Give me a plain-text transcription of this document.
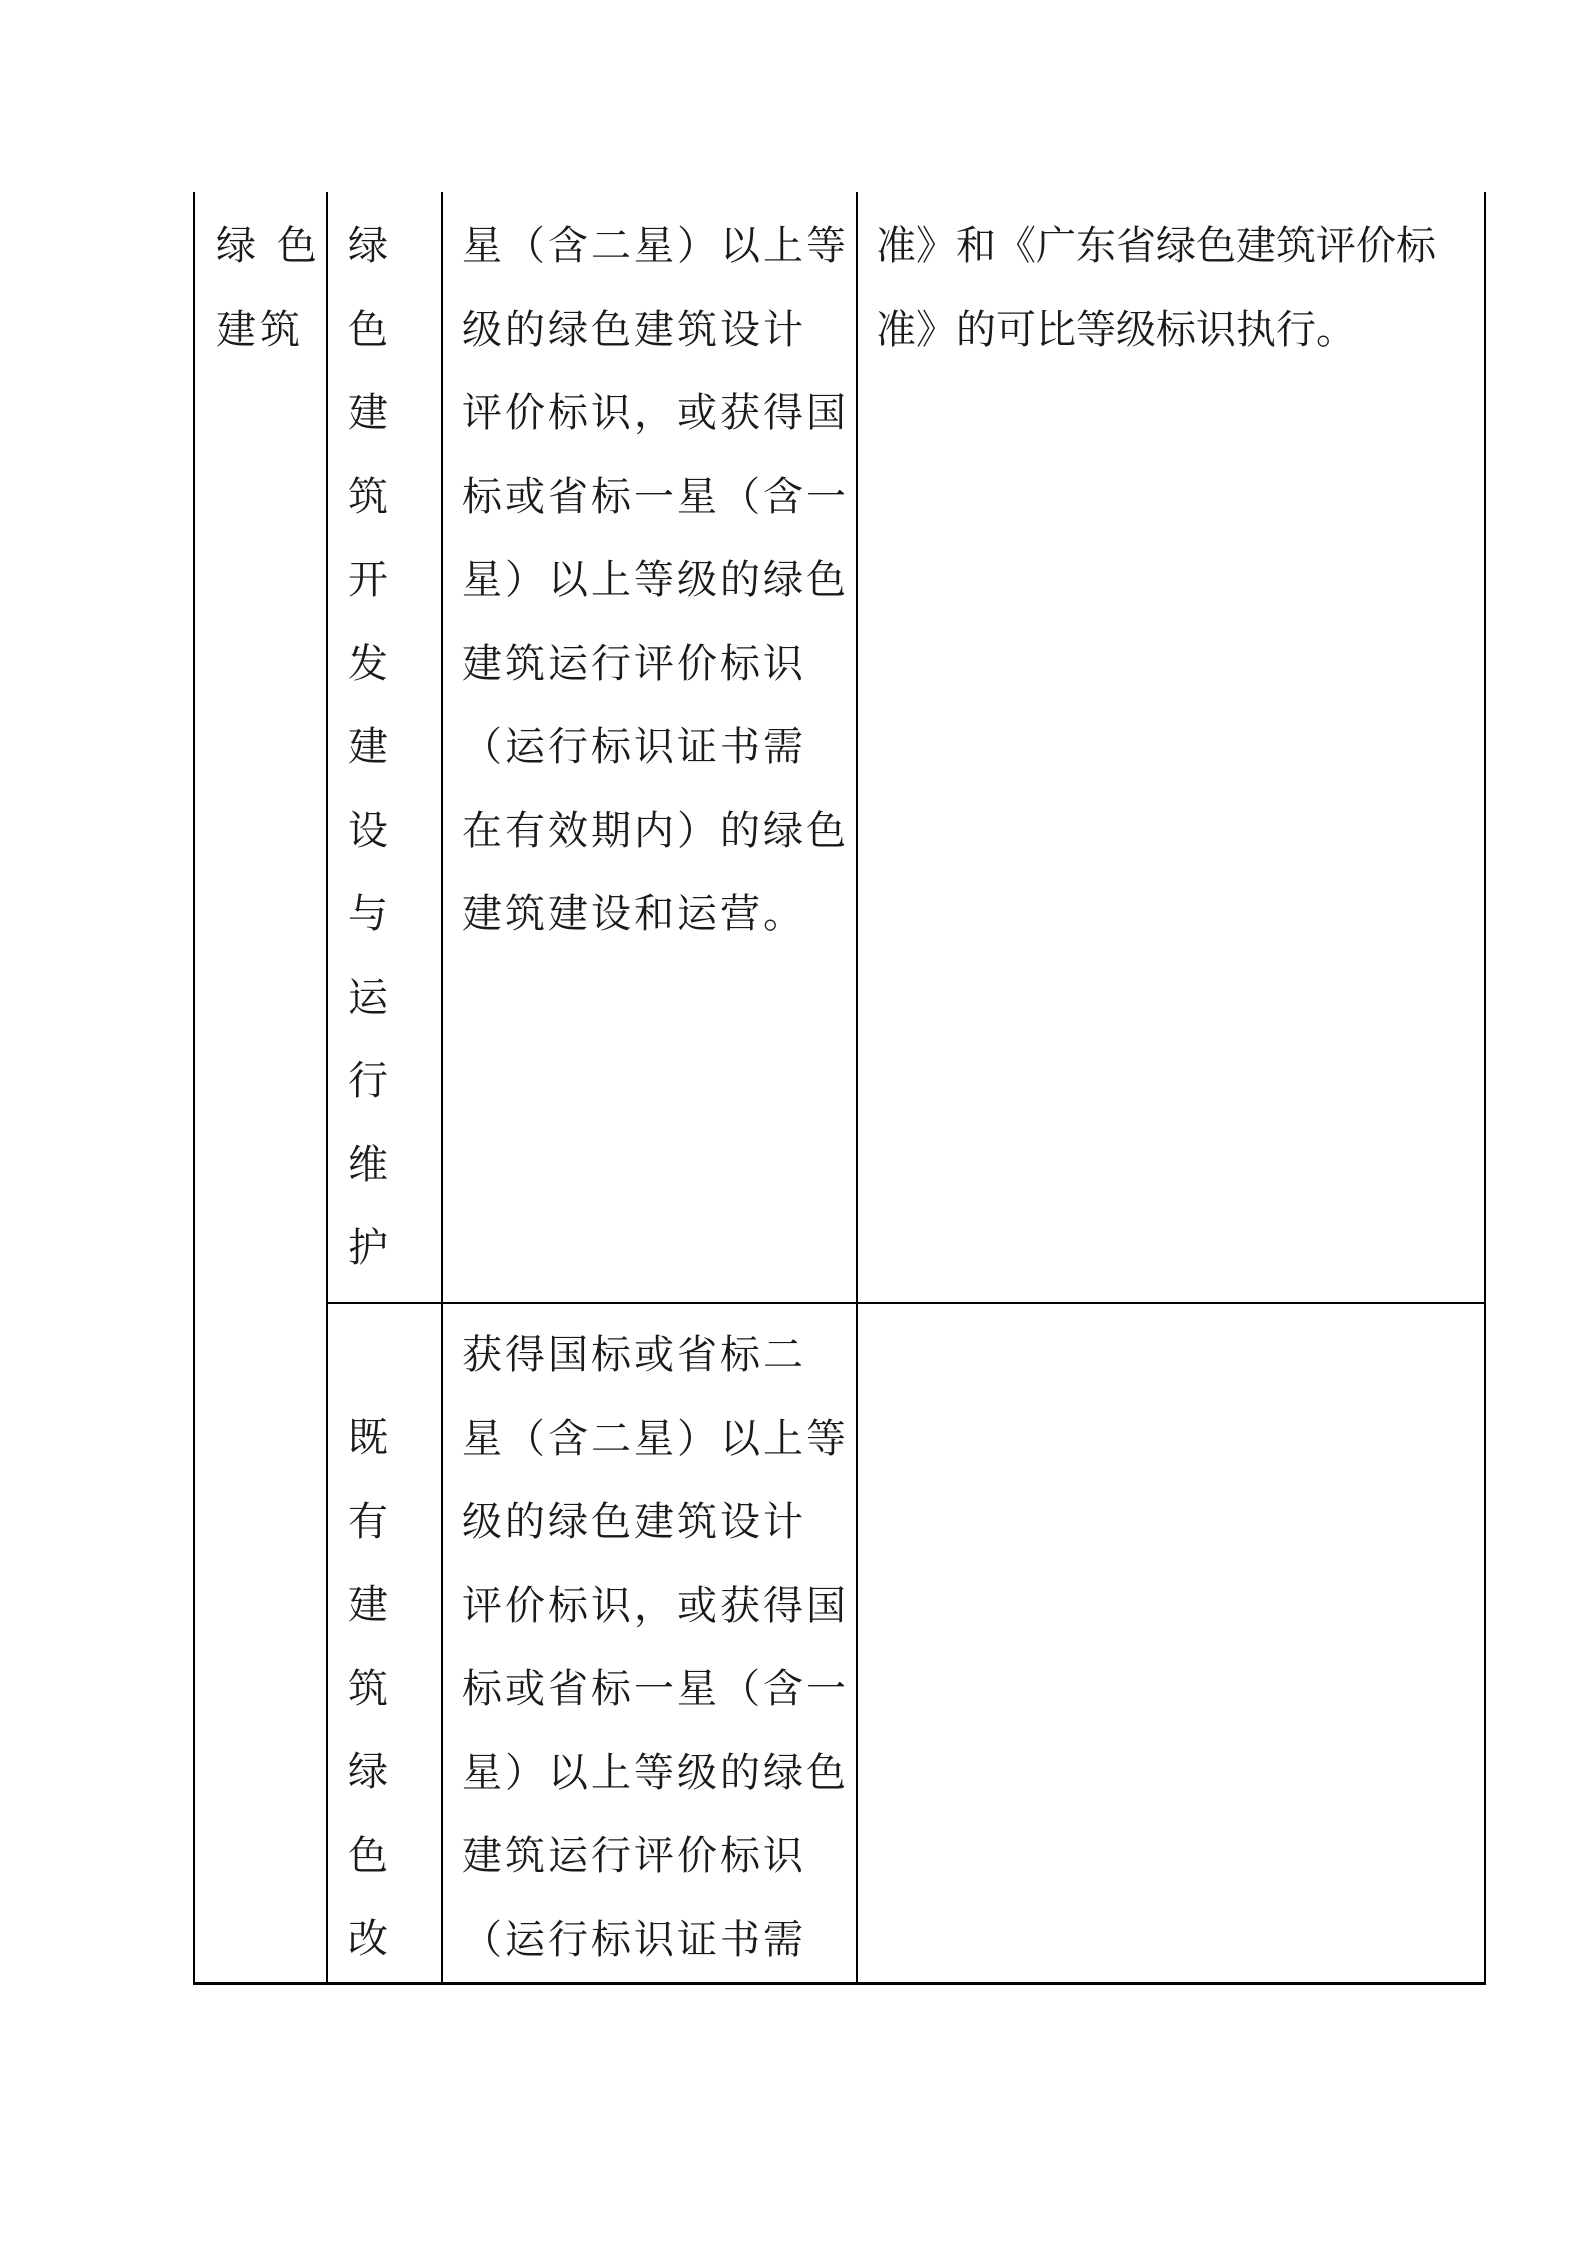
绿 色
建筑
绿
色
建
筑
开
发
建
设
与
运
行
维
护
星（含二星）以上等
级的绿色建筑设计
评价标识，或获得国
标或省标一星（含一
星）以上等级的绿色
建筑运行评价标识
（运行标识证书需
在有效期内）的绿色
建筑建设和运营。
准》和《广东省绿色建筑评价标
准》的可比等级标识执行。
既
有
建
筑
绿
色
改
获得国标或省标二
星（含二星）以上等
级的绿色建筑设计
评价标识，或获得国
标或省标一星（含一
星）以上等级的绿色
建筑运行评价标识
（运行标识证书需
